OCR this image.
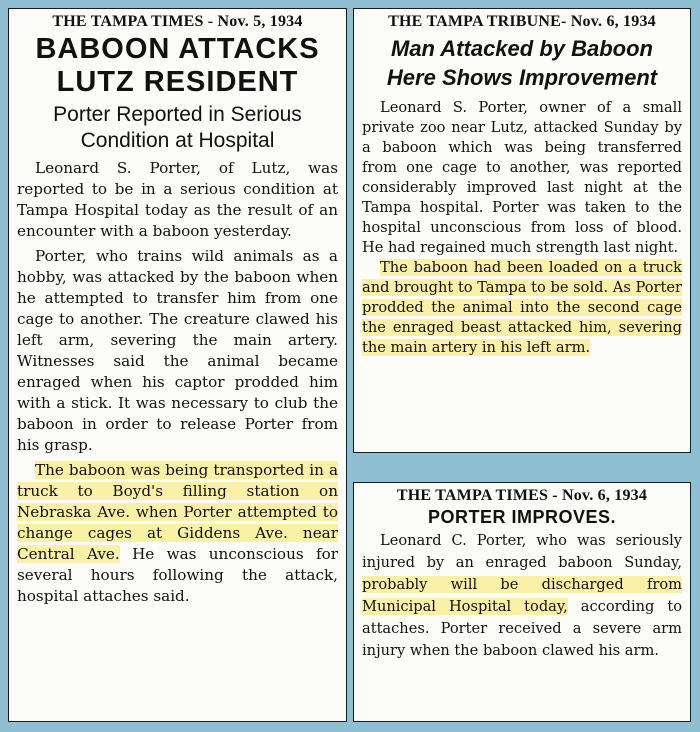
THE TAMPA TIMES - Nov. 5, 1934
BABOON ATTACKS
LUTZ RESIDENT
Porter Reported in Serious
Condition at Hospital

Leonard S. Porter, of Lutz, was reported to be in a serious condition at Tampa Hospital today as the result of an encounter with a baboon yesterday.

Porter, who trains wild animals as a hobby, was attacked by the baboon when he attempted to transfer him from one cage to another. The creature clawed his left arm, severing the main artery. Witnesses said the animal became enraged when his captor prodded him with a stick. It was necessary to club the baboon in order to release Porter from his grasp.

The baboon was being transported in a truck to Boyd's filling station on Nebraska Ave. when Porter attempted to change cages at Giddens Ave. near Central Ave. He was unconscious for several hours following the attack, hospital attaches said.

THE TAMPA TRIBUNE- Nov. 6, 1934
Man Attacked by Baboon
Here Shows Improvement

Leonard S. Porter, owner of a small private zoo near Lutz, attacked Sunday by a baboon which was being transferred from one cage to another, was reported considerably improved last night at the Tampa hospital. Porter was taken to the hospital unconscious from loss of blood. He had regained much strength last night.

The baboon had been loaded on a truck and brought to Tampa to be sold. As Porter prodded the animal into the second cage the enraged beast attacked him, severing the main artery in his left arm.

THE TAMPA TIMES - Nov. 6, 1934
PORTER IMPROVES.

Leonard C. Porter, who was seriously injured by an enraged baboon Sunday, probably will be discharged from Municipal Hospital today, according to attaches. Porter received a severe arm injury when the baboon clawed his arm.
